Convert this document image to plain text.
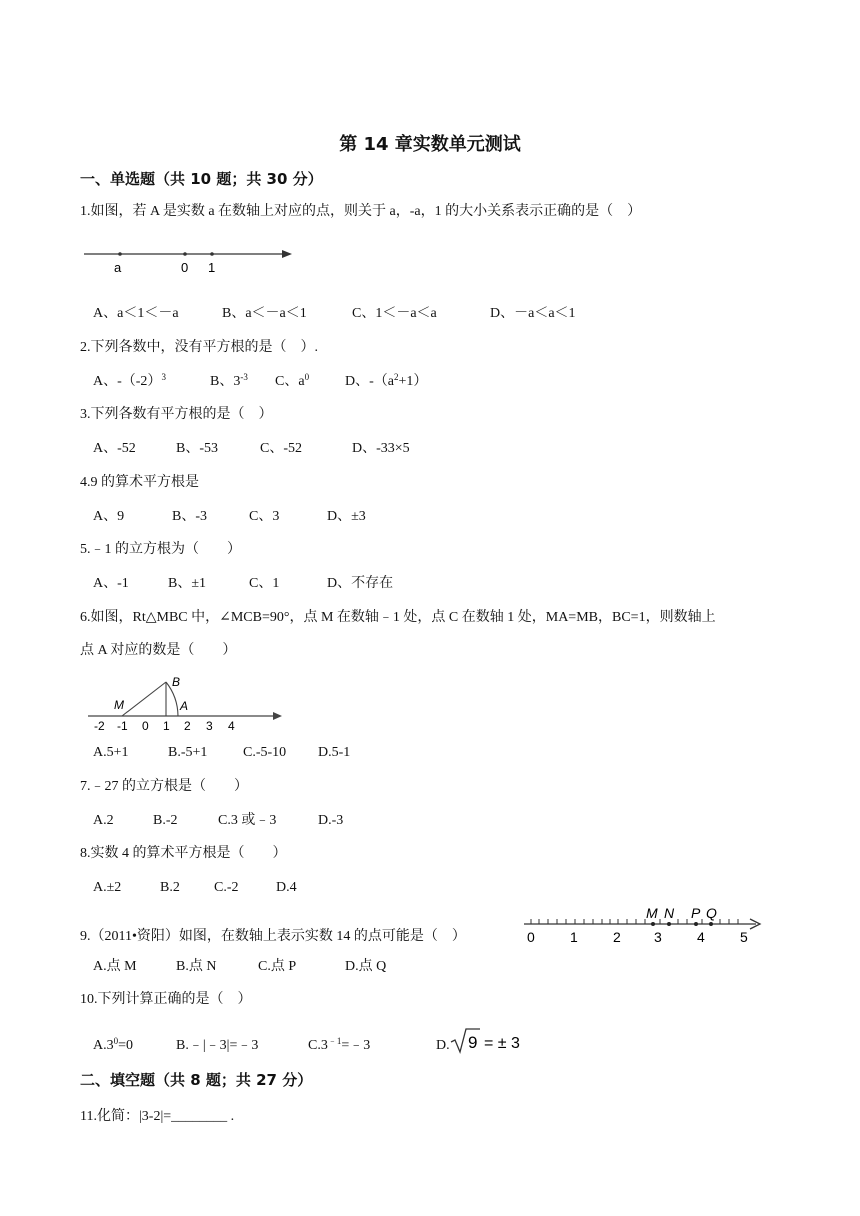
第 14 章实数单元测试
一、单选题（共 10 题；共 30 分）
1.如图，若 A 是实数 a 在数轴上对应的点，则关于 a，-a，1 的大小关系表示正确的是（　）
a	0 1
A、a＜1＜－a	B、a＜－a＜1	C、1＜－a＜a	D、－a＜a＜1
2.下列各数中，没有平方根的是（　）.
A、$-(-2)^3$	B、$3^{-3}$ C、$a^0$	D、$-(a^2+1)$
3.下列各数有平方根的是（　）
A、-52	B、-53	C、-52	D、-33×5
4.9 的算术平方根是
A、9	B、-3	C、3	D、±3
5.﹣1 的立方根为（　　）
A、-1	B、±1	C、1	D、不存在
6.如图，Rt△MBC 中，∠MCB=90°，点 M 在数轴﹣1 处，点 C 在数轴 1 处，MA=MB，BC=1，则数轴上
点 A 对应的数是（　　）
M
B
A
-2 -1 0 1 2 3 4
A.5+1	B.-5+1	C.-5-10 D.5-1
7.﹣27 的立方根是（　　）
A.2	B.-2	C.3 或﹣3	D.-3
8.实数 4 的算术平方根是（　　）
A.±2	B.2 C.-2	D.4
9.（2011•资阳）如图，在数轴上表示实数 14 的点可能是（　）
M N P Q
0	1	2 3	4	5
A.点 M	B.点 N	C.点 P	D.点 Q
10.下列计算正确的是（　）
$A.3^0=0$	B.﹣|﹣3|=﹣3	$C.3^{﹣1}=﹣3$	D. 9 = ± 3
二、填空题（共 8 题；共 27 分）
11.化简：|3-2|=________ .
